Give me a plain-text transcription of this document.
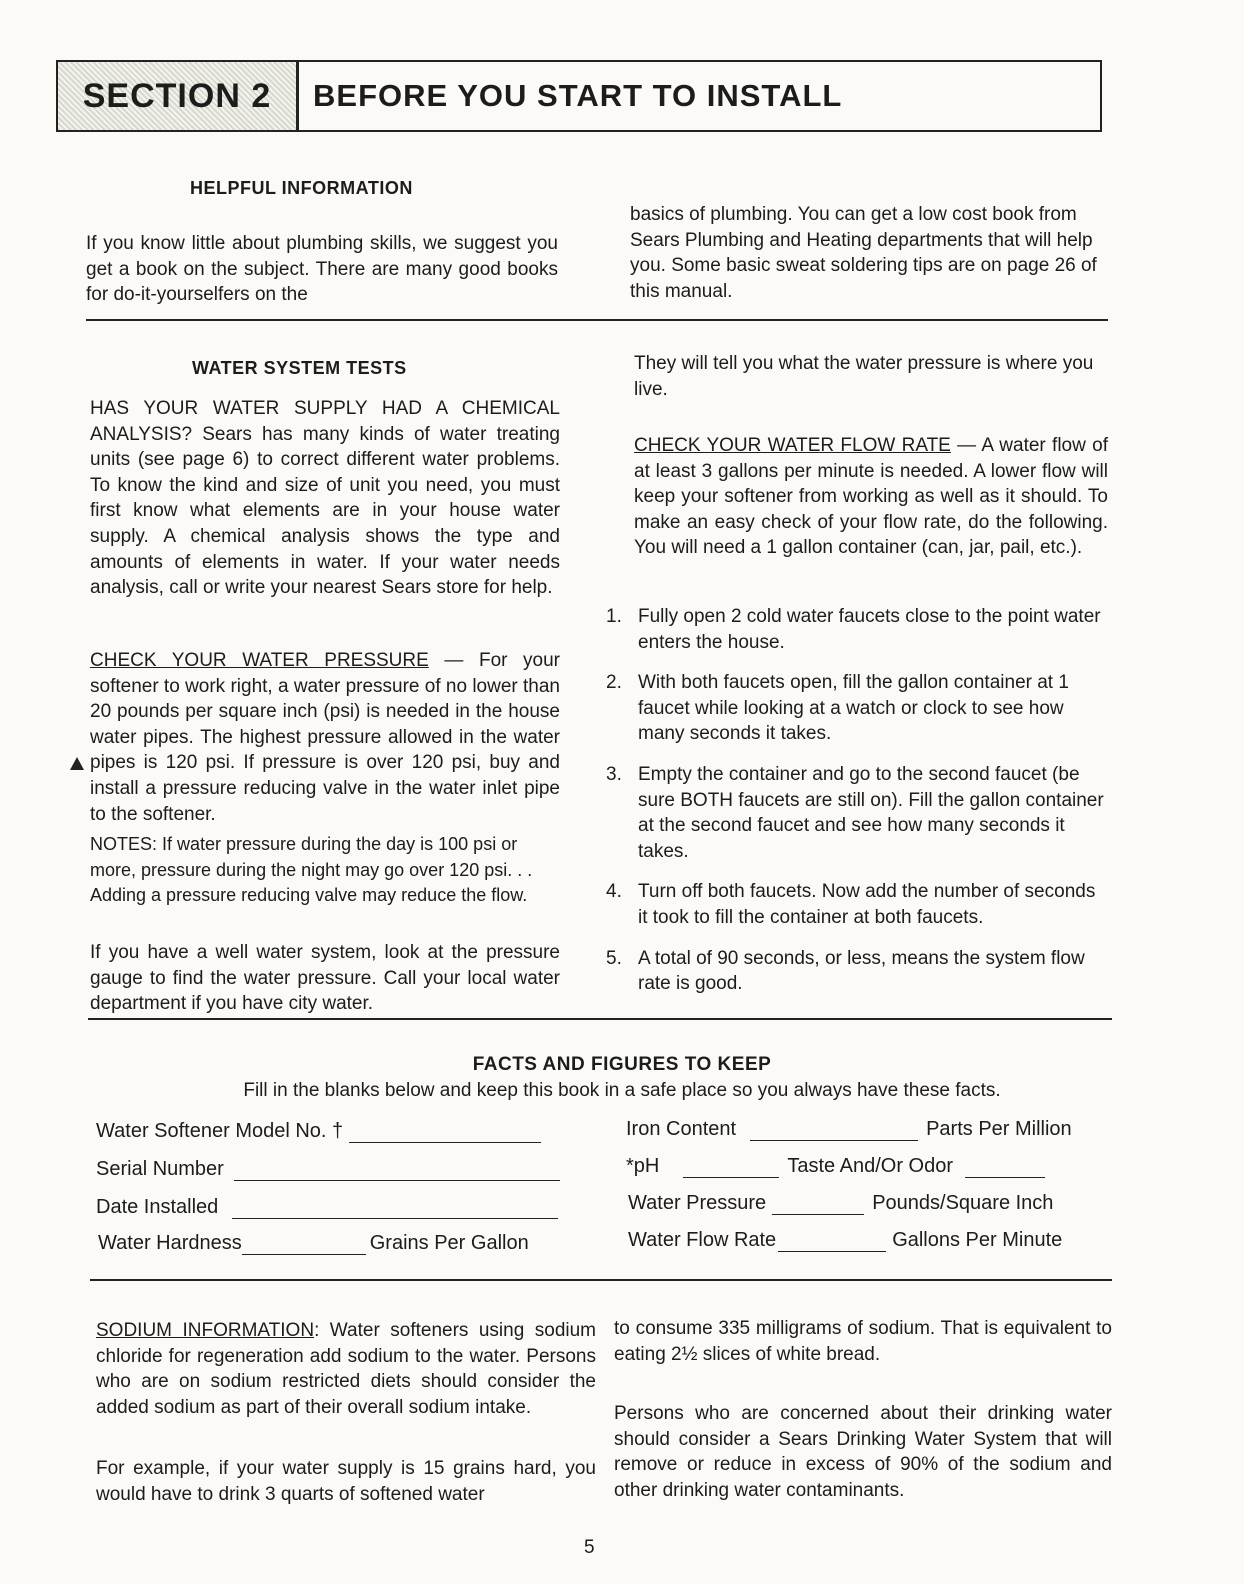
SECTION 2 BEFORE YOU START TO INSTALL
HELPFUL INFORMATION

If you know little about plumbing skills, we suggest you get a book on the subject. There are many good books for do-it-yourselfers on the

basics of plumbing. You can get a low cost book from Sears Plumbing and Heating departments that will help you. Some basic sweat soldering tips are on page 26 of this manual.

WATER SYSTEM TESTS

HAS YOUR WATER SUPPLY HAD A CHEMICAL ANALYSIS? Sears has many kinds of water treating units (see page 6) to correct different water problems. To know the kind and size of unit you need, you must first know what elements are in your house water supply. A chemical analysis shows the type and amounts of elements in water. If your water needs analysis, call or write your nearest Sears store for help.

CHECK YOUR WATER PRESSURE — For your softener to work right, a water pressure of no lower than 20 pounds per square inch (psi) is needed in the house water pipes. The highest pressure allowed in the water pipes is 120 psi. If pressure is over 120 psi, buy and install a pressure reducing valve in the water inlet pipe to the softener.

NOTES: If water pressure during the day is 100 psi or more, pressure during the night may go over 120 psi. . . Adding a pressure reducing valve may reduce the flow.

If you have a well water system, look at the pressure gauge to find the water pressure. Call your local water department if you have city water.

They will tell you what the water pressure is where you live.

CHECK YOUR WATER FLOW RATE — A water flow of at least 3 gallons per minute is needed. A lower flow will keep your softener from working as well as it should. To make an easy check of your flow rate, do the following. You will need a 1 gallon container (can, jar, pail, etc.).

1. Fully open 2 cold water faucets close to the point water enters the house.
2. With both faucets open, fill the gallon container at 1 faucet while looking at a watch or clock to see how many seconds it takes.
3. Empty the container and go to the second faucet (be sure BOTH faucets are still on). Fill the gallon container at the second faucet and see how many seconds it takes.
4. Turn off both faucets. Now add the number of seconds it took to fill the container at both faucets.
5. A total of 90 seconds, or less, means the system flow rate is good.
FACTS AND FIGURES TO KEEP
Fill in the blanks below and keep this book in a safe place so you always have these facts.
Water Softener Model No. †
Serial Number
Date Installed
Water Hardness	Grains Per Gallon
Iron Content	Parts Per Million
*pH	Taste And/Or Odor
Water Pressure	Pounds/Square Inch
Water Flow Rate	Gallons Per Minute

SODIUM INFORMATION: Water softeners using sodium chloride for regeneration add sodium to the water. Persons who are on sodium restricted diets should consider the added sodium as part of their overall sodium intake.

For example, if your water supply is 15 grains hard, you would have to drink 3 quarts of softened water

to consume 335 milligrams of sodium. That is equivalent to eating 2½ slices of white bread.

Persons who are concerned about their drinking water should consider a Sears Drinking Water System that will remove or reduce in excess of 90% of the sodium and other drinking water contaminants.

5
